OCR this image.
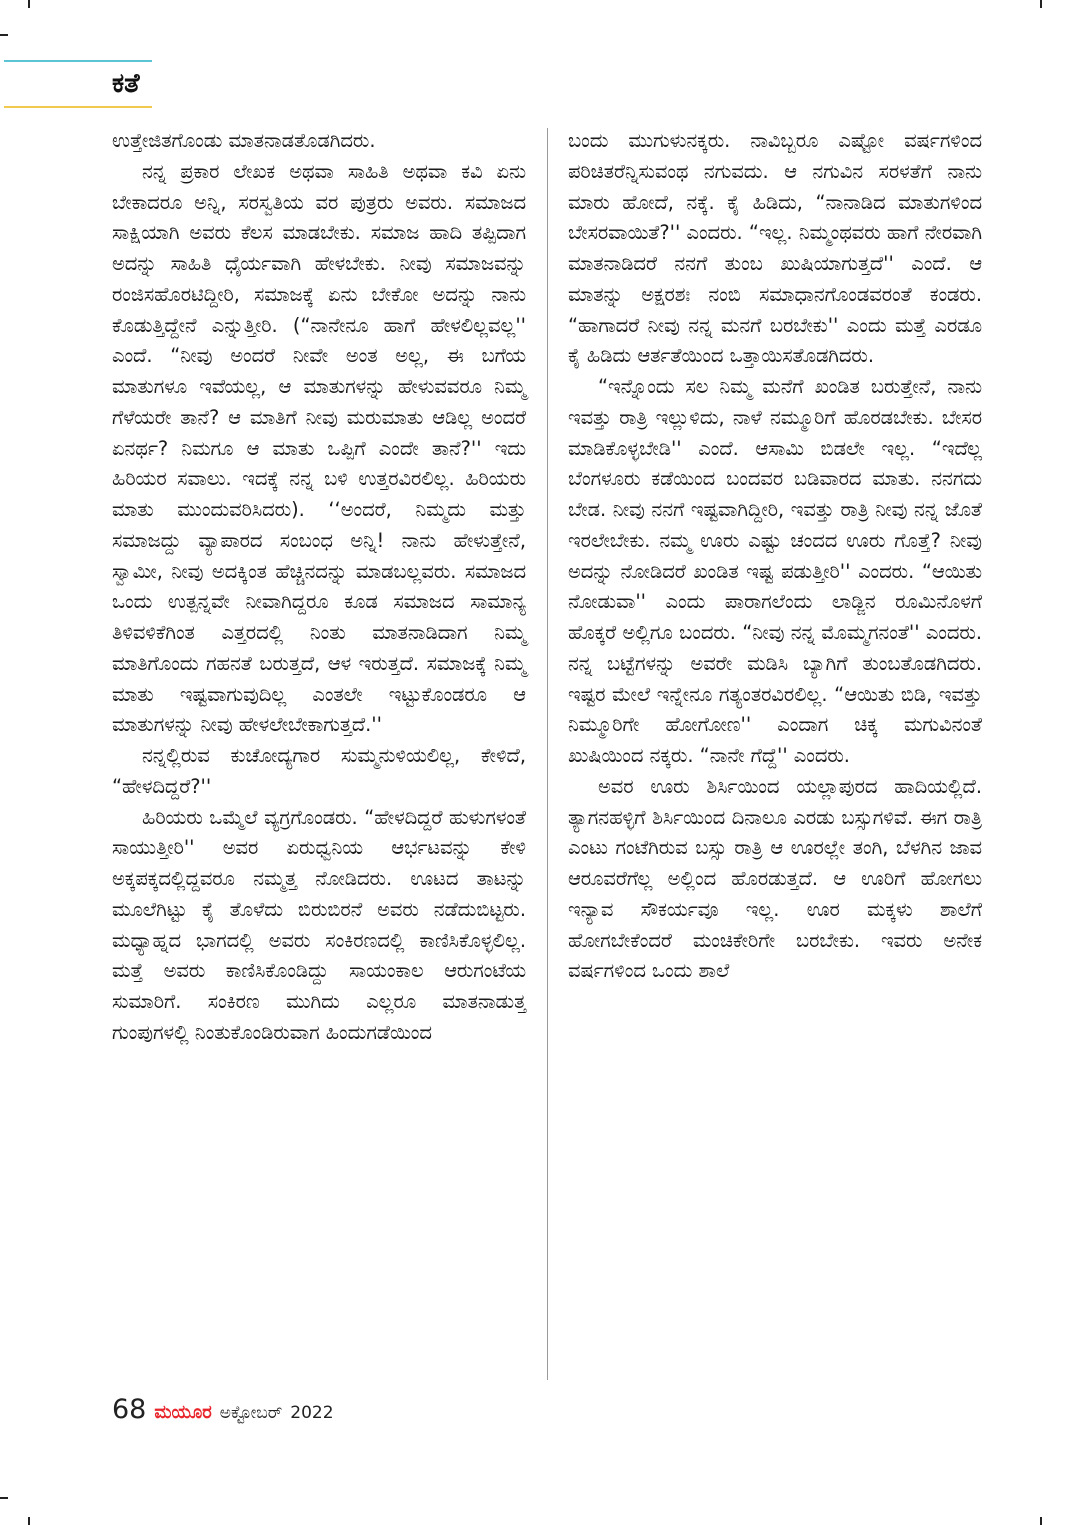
ಕತೆ

ಉತ್ತೇಜಿತಗೊಂಡು ಮಾತನಾಡತೊಡಗಿದರು.

ನನ್ನ ಪ್ರಕಾರ ಲೇಖಕ ಅಥವಾ ಸಾಹಿತಿ ಅಥವಾ ಕವಿ ಏನು ಬೇಕಾದರೂ ಅನ್ನಿ, ಸರಸ್ವತಿಯ ವರ ಪುತ್ರರು ಅವರು. ಸಮಾಜದ ಸಾಕ್ಷಿಯಾಗಿ ಅವರು ಕೆಲಸ ಮಾಡಬೇಕು. ಸಮಾಜ ಹಾದಿ ತಪ್ಪಿದಾಗ ಅದನ್ನು ಸಾಹಿತಿ ಧೈರ್ಯವಾಗಿ ಹೇಳಬೇಕು. ನೀವು ಸಮಾಜವನ್ನು ರಂಜಿಸಹೊರಟಿದ್ದೀರಿ, ಸಮಾಜಕ್ಕೆ ಏನು ಬೇಕೋ ಅದನ್ನು ನಾನು ಕೊಡುತ್ತಿದ್ದೇನೆ ಎನ್ನುತ್ತೀರಿ. (“ನಾನೇನೂ ಹಾಗೆ ಹೇಳಲಿಲ್ಲವಲ್ಲ'' ಎಂದೆ. “ನೀವು ಅಂದರೆ ನೀವೇ ಅಂತ ಅಲ್ಲ, ಈ ಬಗೆಯ ಮಾತುಗಳೂ ಇವೆಯಲ್ಲ, ಆ ಮಾತುಗಳನ್ನು ಹೇಳುವವರೂ ನಿಮ್ಮ ಗೆಳೆಯರೇ ತಾನೆ? ಆ ಮಾತಿಗೆ ನೀವು ಮರುಮಾತು ಆಡಿಲ್ಲ ಅಂದರೆ ಏನರ್ಥ? ನಿಮಗೂ ಆ ಮಾತು ಒಪ್ಪಿಗೆ ಎಂದೇ ತಾನೆ?'' ಇದು ಹಿರಿಯರ ಸವಾಲು. ಇದಕ್ಕೆ ನನ್ನ ಬಳಿ ಉತ್ತರವಿರಲಿಲ್ಲ. ಹಿರಿಯರು ಮಾತು ಮುಂದುವರಿಸಿದರು). ‘‘ಅಂದರೆ, ನಿಮ್ಮದು ಮತ್ತು ಸಮಾಜದ್ದು ವ್ಯಾಪಾರದ ಸಂಬಂಧ ಅನ್ನಿ! ನಾನು ಹೇಳುತ್ತೇನೆ, ಸ್ವಾಮೀ, ನೀವು ಅದಕ್ಕಿಂತ ಹೆಚ್ಚಿನದನ್ನು ಮಾಡಬಲ್ಲವರು. ಸಮಾಜದ ಒಂದು ಉತ್ಪನ್ನವೇ ನೀವಾಗಿದ್ದರೂ ಕೂಡ ಸಮಾಜದ ಸಾಮಾನ್ಯ ತಿಳಿವಳಿಕೆಗಿಂತ ಎತ್ತರದಲ್ಲಿ ನಿಂತು ಮಾತನಾಡಿದಾಗ ನಿಮ್ಮ ಮಾತಿಗೊಂದು ಗಹನತೆ ಬರುತ್ತದೆ, ಆಳ ಇರುತ್ತದೆ. ಸಮಾಜಕ್ಕೆ ನಿಮ್ಮ ಮಾತು ಇಷ್ಟವಾಗುವುದಿಲ್ಲ ಎಂತಲೇ ಇಟ್ಟುಕೊಂಡರೂ ಆ ಮಾತುಗಳನ್ನು ನೀವು ಹೇಳಲೇಬೇಕಾಗುತ್ತದೆ.''

ನನ್ನಲ್ಲಿರುವ ಕುಚೋದ್ಯಗಾರ ಸುಮ್ಮನುಳಿಯಲಿಲ್ಲ, ಕೇಳಿದೆ, “ಹೇಳದಿದ್ದರೆ?''

ಹಿರಿಯರು ಒಮ್ಮೆಲೆ ವ್ಯಗ್ರಗೊಂಡರು. “ಹೇಳದಿದ್ದರೆ ಹುಳುಗಳಂತೆ ಸಾಯುತ್ತೀರಿ'' ಅವರ ಏರುಧ್ವನಿಯ ಆರ್ಭಟವನ್ನು ಕೇಳಿ ಅಕ್ಕಪಕ್ಕದಲ್ಲಿದ್ದವರೂ ನಮ್ಮತ್ತ ನೋಡಿದರು. ಊಟದ ತಾಟನ್ನು ಮೂಲೆಗಿಟ್ಟು ಕೈ ತೊಳೆದು ಬಿರುಬಿರನೆ ಅವರು ನಡೆದುಬಿಟ್ಟರು. ಮಧ್ಯಾಹ್ನದ ಭಾಗದಲ್ಲಿ ಅವರು ಸಂಕಿರಣದಲ್ಲಿ ಕಾಣಿಸಿಕೊಳ್ಳಲಿಲ್ಲ. ಮತ್ತೆ ಅವರು ಕಾಣಿಸಿಕೊಂಡಿದ್ದು ಸಾಯಂಕಾಲ ಆರುಗಂಟೆಯ ಸುಮಾರಿಗೆ. ಸಂಕಿರಣ ಮುಗಿದು ಎಲ್ಲರೂ ಮಾತನಾಡುತ್ತ ಗುಂಪುಗಳಲ್ಲಿ ನಿಂತುಕೊಂಡಿರುವಾಗ ಹಿಂದುಗಡೆಯಿಂದ

ಬಂದು ಮುಗುಳುನಕ್ಕರು. ನಾವಿಬ್ಬರೂ ಎಷ್ಟೋ ವರ್ಷಗಳಿಂದ ಪರಿಚಿತರೆನ್ನಿಸುವಂಥ ನಗುವದು. ಆ ನಗುವಿನ ಸರಳತೆಗೆ ನಾನು ಮಾರು ಹೋದೆ, ನಕ್ಕೆ. ಕೈ ಹಿಡಿದು, “ನಾನಾಡಿದ ಮಾತುಗಳಿಂದ ಬೇಸರವಾಯಿತೆ?'' ಎಂದರು. “ಇಲ್ಲ. ನಿಮ್ಮಂಥವರು ಹಾಗೆ ನೇರವಾಗಿ ಮಾತನಾಡಿದರೆ ನನಗೆ ತುಂಬ ಖುಷಿಯಾಗುತ್ತದೆ'' ಎಂದೆ. ಆ ಮಾತನ್ನು ಅಕ್ಷರಶಃ ನಂಬಿ ಸಮಾಧಾನಗೊಂಡವರಂತೆ ಕಂಡರು. “ಹಾಗಾದರೆ ನೀವು ನನ್ನ ಮನಗೆ ಬರಬೇಕು'' ಎಂದು ಮತ್ತೆ ಎರಡೂ ಕೈ ಹಿಡಿದು ಆರ್ತತೆಯಿಂದ ಒತ್ತಾಯಿಸತೊಡಗಿದರು.

“ಇನ್ನೊಂದು ಸಲ ನಿಮ್ಮ ಮನೆಗೆ ಖಂಡಿತ ಬರುತ್ತೇನೆ, ನಾನು ಇವತ್ತು ರಾತ್ರಿ ಇಲ್ಲುಳಿದು, ನಾಳೆ ನಮ್ಮೂರಿಗೆ ಹೊರಡಬೇಕು. ಬೇಸರ ಮಾಡಿಕೊಳ್ಳಬೇಡಿ'' ಎಂದೆ. ಆಸಾಮಿ ಬಿಡಲೇ ಇಲ್ಲ. “ಇದೆಲ್ಲ ಬೆಂಗಳೂರು ಕಡೆಯಿಂದ ಬಂದವರ ಬಡಿವಾರದ ಮಾತು. ನನಗದು ಬೇಡ. ನೀವು ನನಗೆ ಇಷ್ಟವಾಗಿದ್ದೀರಿ, ಇವತ್ತು ರಾತ್ರಿ ನೀವು ನನ್ನ ಜೊತೆ ಇರಲೇಬೇಕು. ನಮ್ಮ ಊರು ಎಷ್ಟು ಚಂದದ ಊರು ಗೊತ್ತೆ? ನೀವು ಅದನ್ನು ನೋಡಿದರೆ ಖಂಡಿತ ಇಷ್ಟ ಪಡುತ್ತೀರಿ'' ಎಂದರು. “ಆಯಿತು ನೋಡುವಾ'' ಎಂದು ಪಾರಾಗಲೆಂದು ಲಾಡ್ಜಿನ ರೂಮಿನೊಳಗೆ ಹೊಕ್ಕರೆ ಅಲ್ಲಿಗೂ ಬಂದರು. “ನೀವು ನನ್ನ ಮೊಮ್ಮಗನಂತೆ'' ಎಂದರು. ನನ್ನ ಬಟ್ಟೆಗಳನ್ನು ಅವರೇ ಮಡಿಸಿ ಬ್ಯಾಗಿಗೆ ತುಂಬತೊಡಗಿದರು. ಇಷ್ಟರ ಮೇಲೆ ಇನ್ನೇನೂ ಗತ್ಯಂತರವಿರಲಿಲ್ಲ. “ಆಯಿತು ಬಿಡಿ, ಇವತ್ತು ನಿಮ್ಮೂರಿಗೇ ಹೋಗೋಣ'' ಎಂದಾಗ ಚಿಕ್ಕ ಮಗುವಿನಂತೆ ಖುಷಿಯಿಂದ ನಕ್ಕರು. “ನಾನೇ ಗೆದ್ದೆ'' ಎಂದರು.

ಅವರ ಊರು ಶಿರ್ಸಿಯಿಂದ ಯಲ್ಲಾಪುರದ ಹಾದಿಯಲ್ಲಿದೆ. ತ್ಯಾಗನಹಳ್ಳಿಗೆ ಶಿರ್ಸಿಯಿಂದ ದಿನಾಲೂ ಎರಡು ಬಸ್ಸುಗಳಿವೆ. ಈಗ ರಾತ್ರಿ ಎಂಟು ಗಂಟೆಗಿರುವ ಬಸ್ಸು ರಾತ್ರಿ ಆ ಊರಲ್ಲೇ ತಂಗಿ, ಬೆಳಗಿನ ಜಾವ ಆರೂವರೆಗೆಲ್ಲ ಅಲ್ಲಿಂದ ಹೊರಡುತ್ತದೆ. ಆ ಊರಿಗೆ ಹೋಗಲು ಇನ್ಯಾವ ಸೌಕರ್ಯವೂ ಇಲ್ಲ. ಊರ ಮಕ್ಕಳು ಶಾಲೆಗೆ ಹೋಗಬೇಕೆಂದರೆ ಮಂಚಿಕೇರಿಗೇ ಬರಬೇಕು. ಇವರು ಅನೇಕ ವರ್ಷಗಳಿಂದ ಒಂದು ಶಾಲೆ

68 ಮಯೂರ ಅಕ್ಟೋಬರ್ 2022
